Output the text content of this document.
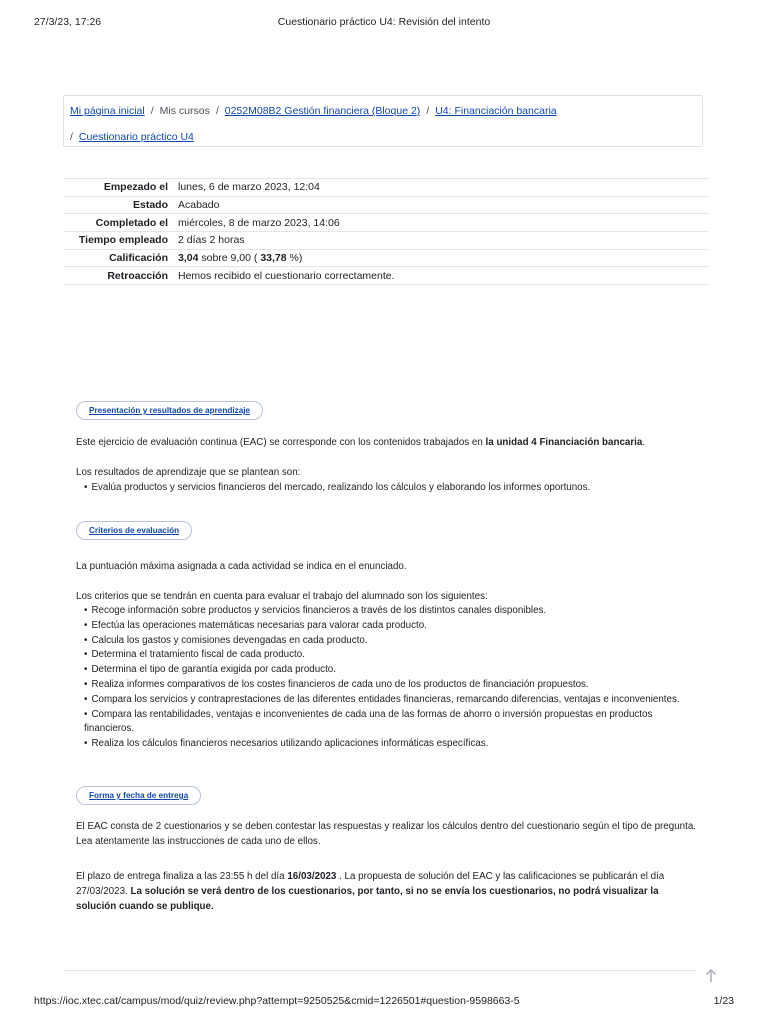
27/3/23, 17:26	Cuestionario práctico U4: Revisión del intento
Mi página inicial / Mis cursos / 0252M08B2 Gestión financiera (Bloque 2) / U4: Financiación bancaria
/ Cuestionario práctico U4
Empezado el	lunes, 6 de marzo 2023, 12:04
Estado	Acabado
Completado el	miércoles, 8 de marzo 2023, 14:06
Tiempo empleado	2 días 2 horas
Calificación	3,04 sobre 9,00 ( 33,78 %)
Retroacción	Hemos recibido el cuestionario correctamente.
Presentación y resultados de aprendizaje
Este ejercicio de evaluación continua (EAC) se corresponde con los contenidos trabajados en la unidad 4 Financiación bancaria.
Los resultados de aprendizaje que se plantean son:
• Evalúa productos y servicios financieros del mercado, realizando los cálculos y elaborando los informes oportunos.
Criterios de evaluación
La puntuación máxima asignada a cada actividad se indica en el enunciado.
Los criterios que se tendrán en cuenta para evaluar el trabajo del alumnado son los siguientes:
• Recoge información sobre productos y servicios financieros a través de los distintos canales disponibles.
• Efectúa las operaciones matemáticas necesarias para valorar cada producto.
• Calcula los gastos y comisiones devengadas en cada producto.
• Determina el tratamiento fiscal de cada producto.
• Determina el tipo de garantía exigida por cada producto.
• Realiza informes comparativos de los costes financieros de cada uno de los productos de financiación propuestos.
• Compara los servicios y contraprestaciones de las diferentes entidades financieras, remarcando diferencias, ventajas e inconvenientes.
• Compara las rentabilidades, ventajas e inconvenientes de cada una de las formas de ahorro o inversión propuestas en productos financieros.
• Realiza los cálculos financieros necesarios utilizando aplicaciones informáticas específicas.
Forma y fecha de entrega
El EAC consta de 2 cuestionarios y se deben contestar las respuestas y realizar los cálculos dentro del cuestionario según el tipo de pregunta. Lea atentamente las instrucciones de cada uno de ellos.
El plazo de entrega finaliza a las 23:55 h del día 16/03/2023 . La propuesta de solución del EAC y las calificaciones se publicarán el día 27/03/2023. La solución se verá dentro de los cuestionarios, por tanto, si no se envía los cuestionarios, no podrá visualizar la solución cuando se publique.
https://ioc.xtec.cat/campus/mod/quiz/review.php?attempt=9250525&cmid=1226501#question-9598663-5	1/23
